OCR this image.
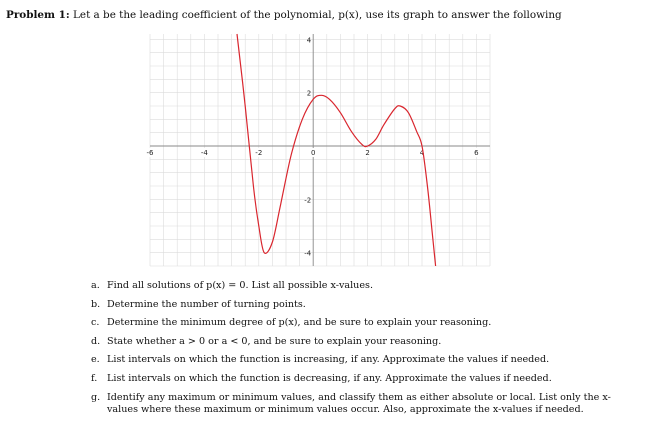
Problem 1: Let a be the leading coefficient of the polynomial, p(x), use its graph to answer the following
-6	-4	-2	0	2	4	6
4
2
-2
-4
a. Find all solutions of p(x) = 0. List all possible x-values.
b. Determine the number of turning points.
c. Determine the minimum degree of p(x), and be sure to explain your reasoning.
d. State whether a > 0 or a < 0, and be sure to explain your reasoning.
e. List intervals on which the function is increasing, if any. Approximate the values if needed.
f.	List intervals on which the function is decreasing, if any. Approximate the values if needed.
g. Identify any maximum or minimum values, and classify them as either absolute or local. List only the x-values where these maximum or minimum values occur. Also, approximate the x-values if needed.
